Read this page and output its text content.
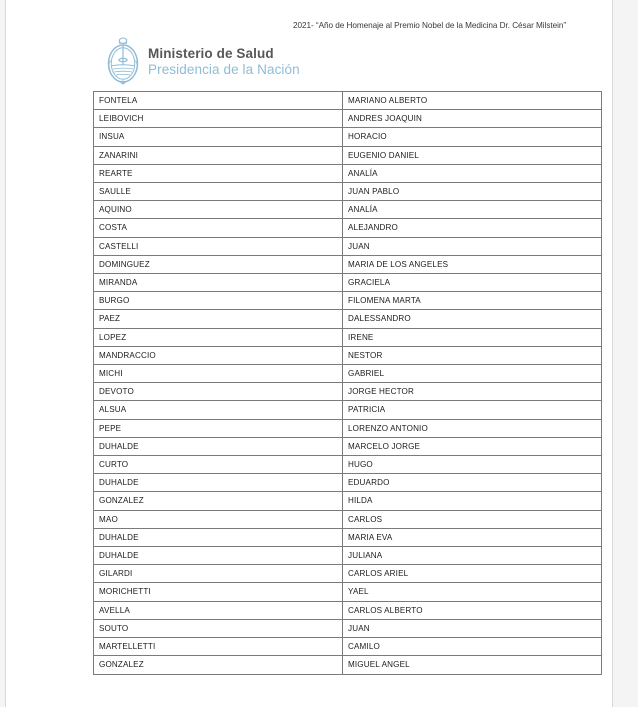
2021- “Año de Homenaje al Premio Nobel de la Medicina Dr. César Milstein”
Ministerio de Salud
Presidencia de la Nación
FONTELA	MARIANO ALBERTO
LEIBOVICH	ANDRES JOAQUIN
INSUA	HORACIO
ZANARINI	EUGENIO DANIEL
REARTE	ANALÍA
SAULLE	JUAN PABLO
AQUINO	ANALÍA
COSTA	ALEJANDRO
CASTELLI	JUAN
DOMINGUEZ	MARIA DE LOS ANGELES
MIRANDA	GRACIELA
BURGO	FILOMENA MARTA
PAEZ	DALESSANDRO
LOPEZ	IRENE
MANDRACCIO	NESTOR
MICHI	GABRIEL
DEVOTO	JORGE HECTOR
ALSUA	PATRICIA
PEPE	LORENZO ANTONIO
DUHALDE	MARCELO JORGE
CURTO	HUGO
DUHALDE	EDUARDO
GONZALEZ	HILDA
MAO	CARLOS
DUHALDE	MARIA EVA
DUHALDE	JULIANA
GILARDI	CARLOS ARIEL
MORICHETTI	YAEL
AVELLA	CARLOS ALBERTO
SOUTO	JUAN
MARTELLETTI	CAMILO
GONZALEZ	MIGUEL ANGEL
